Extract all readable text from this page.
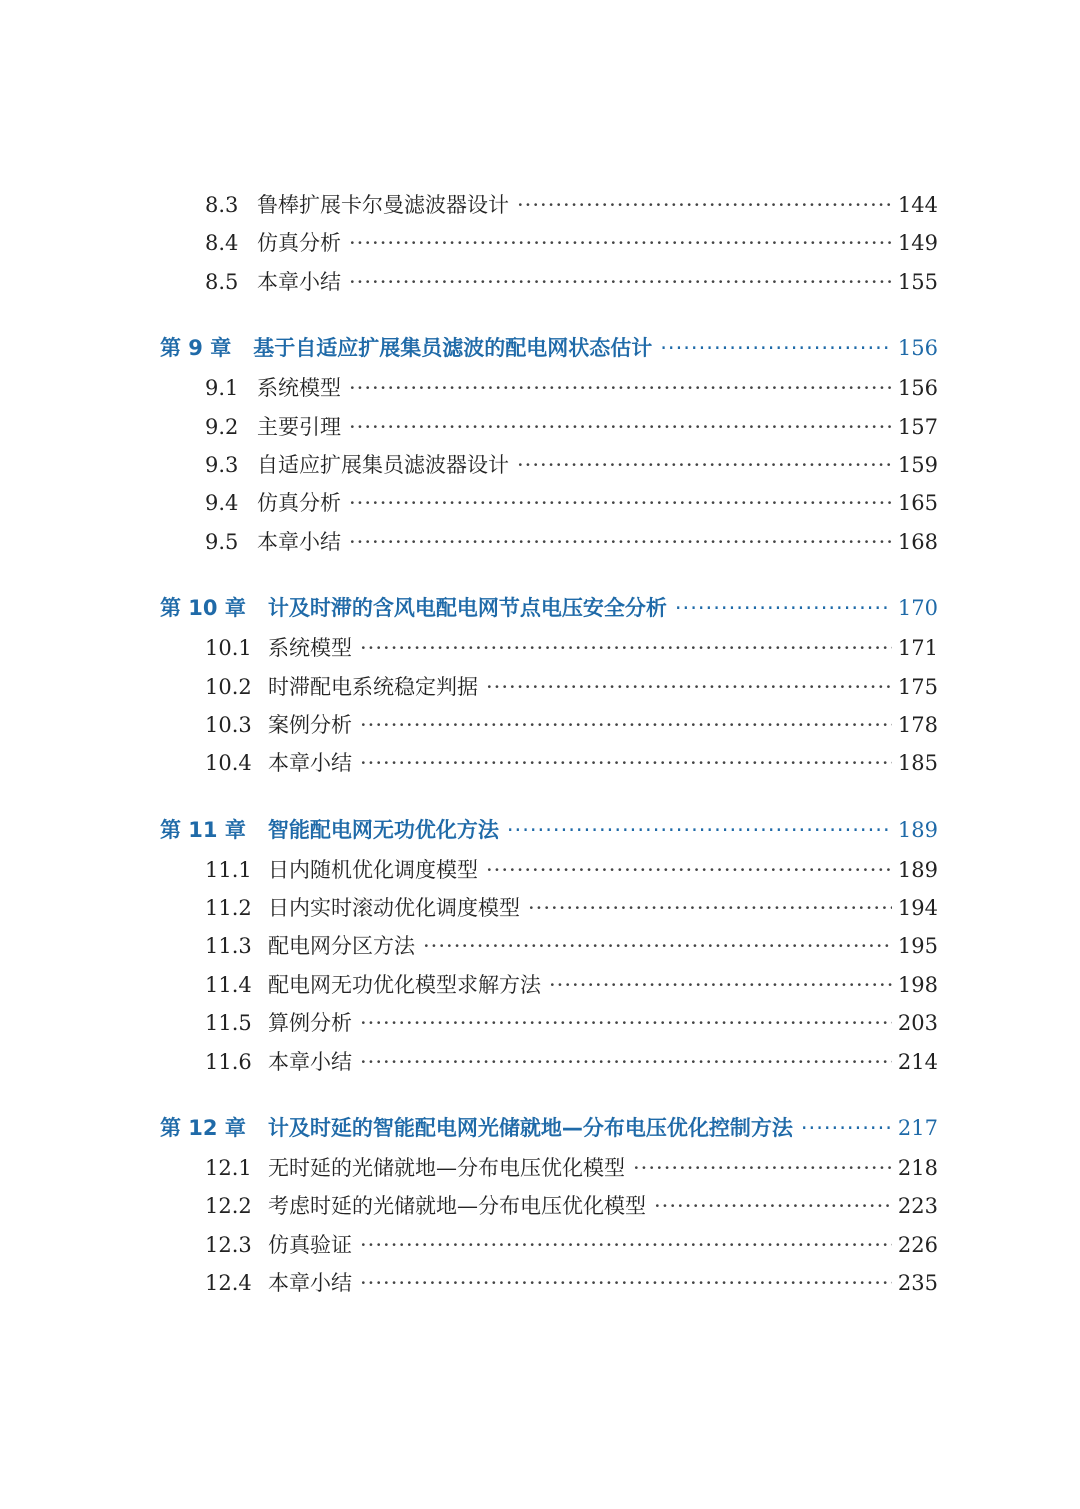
8.3 鲁棒扩展卡尔曼滤波器设计 ·····	144
8.4 仿真分析 ·····	149
8.5 本章小结 ·····	155
第 9 章 基于自适应扩展集员滤波的配电网状态估计 ·····	156
9.1 系统模型 ·····	156
9.2 主要引理 ·····	157
9.3 自适应扩展集员滤波器设计 ·····	159
9.4 仿真分析 ·····	165
9.5 本章小结 ·····	168
第 10 章 计及时滞的含风电配电网节点电压安全分析 ·····	170
10.1 系统模型 ·····	171
10.2 时滞配电系统稳定判据 ·····	175
10.3 案例分析 ·····	178
10.4 本章小结 ·····	185
第 11 章 智能配电网无功优化方法 ·····	189
11.1 日内随机优化调度模型 ·····	189
11.2 日内实时滚动优化调度模型 ·····	194
11.3 配电网分区方法 ·····	195
11.4 配电网无功优化模型求解方法 ·····	198
11.5 算例分析 ·····	203
11.6 本章小结 ·····	214
第 12 章 计及时延的智能配电网光储就地—分布电压优化控制方法 ·····	217
12.1 无时延的光储就地—分布电压优化模型 ·····	218
12.2 考虑时延的光储就地—分布电压优化模型 ·····	223
12.3 仿真验证 ·····	226
12.4 本章小结 ·····	235
